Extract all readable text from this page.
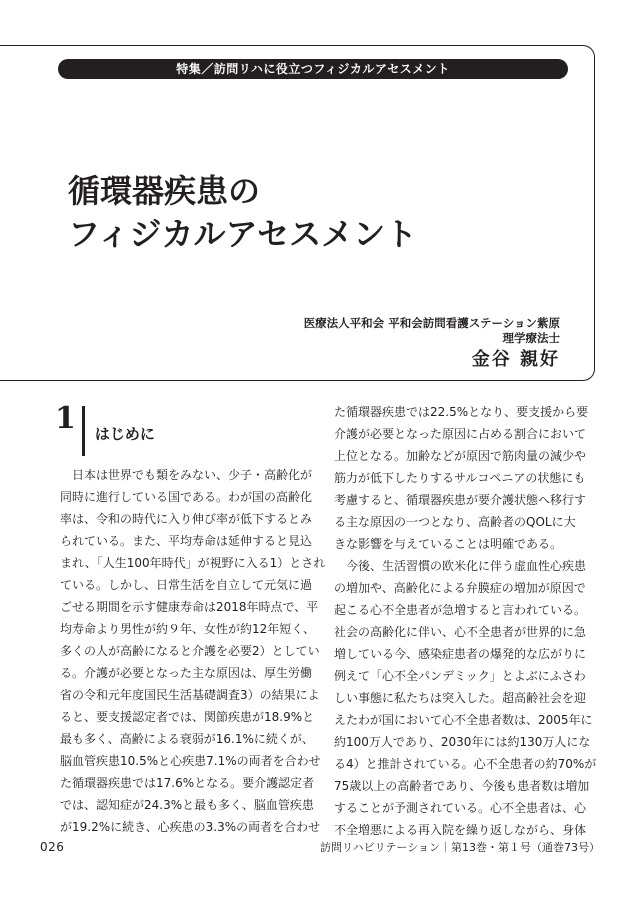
特集／訪問リハに役立つフィジカルアセスメント
循環器疾患の
フィジカルアセスメント
医療法人平和会 平和会訪問看護ステーション紫原
理学療法士
金谷 親好
1 はじめに

　日本は世界でも類をみない、少子・高齢化が

同時に進行している国である。わが国の高齢化

率は、令和の時代に入り伸び率が低下するとみ

られている。また、平均寿命は延伸すると見込

まれ、「人生100年時代」が視野に入る1）とされ

ている。しかし、日常生活を自立して元気に過

ごせる期間を示す健康寿命は2018年時点で、平

均寿命より男性が約９年、女性が約12年短く、

多くの人が高齢になると介護を必要2）としてい

る。介護が必要となった主な原因は、厚生労働

省の令和元年度国民生活基礎調査3）の結果によ

ると、要支援認定者では、関節疾患が18.9%と

最も多く、高齢による衰弱が16.1%に続くが、

脳血管疾患10.5%と心疾患7.1%の両者を合わせ

た循環器疾患では17.6%となる。要介護認定者

では、認知症が24.3%と最も多く、脳血管疾患

が19.2%に続き、心疾患の3.3%の両者を合わせ

た循環器疾患では22.5%となり、要支援から要

介護が必要となった原因に占める割合において

上位となる。加齢などが原因で筋肉量の減少や

筋力が低下したりするサルコペニアの状態にも

考慮すると、循環器疾患が要介護状態へ移行す

る主な原因の一つとなり、高齢者のQOLに大

きな影響を与えていることは明確である。

　今後、生活習慣の欧米化に伴う虚血性心疾患

の増加や、高齢化による弁膜症の増加が原因で

起こる心不全患者が急増すると言われている。

社会の高齢化に伴い、心不全患者が世界的に急

増している今、感染症患者の爆発的な広がりに

例えて「心不全パンデミック」とよぶにふさわ

しい事態に私たちは突入した。超高齢社会を迎

えたわが国において心不全患者数は、2005年に

約100万人であり、2030年には約130万人にな

る4）と推計されている。心不全患者の約70%が

75歳以上の高齢者であり、今後も患者数は増加

することが予測されている。心不全患者は、心

不全増悪による再入院を繰り返しながら、身体

026	訪問リハビリテーション｜第13巻・第１号（通巻73号）
